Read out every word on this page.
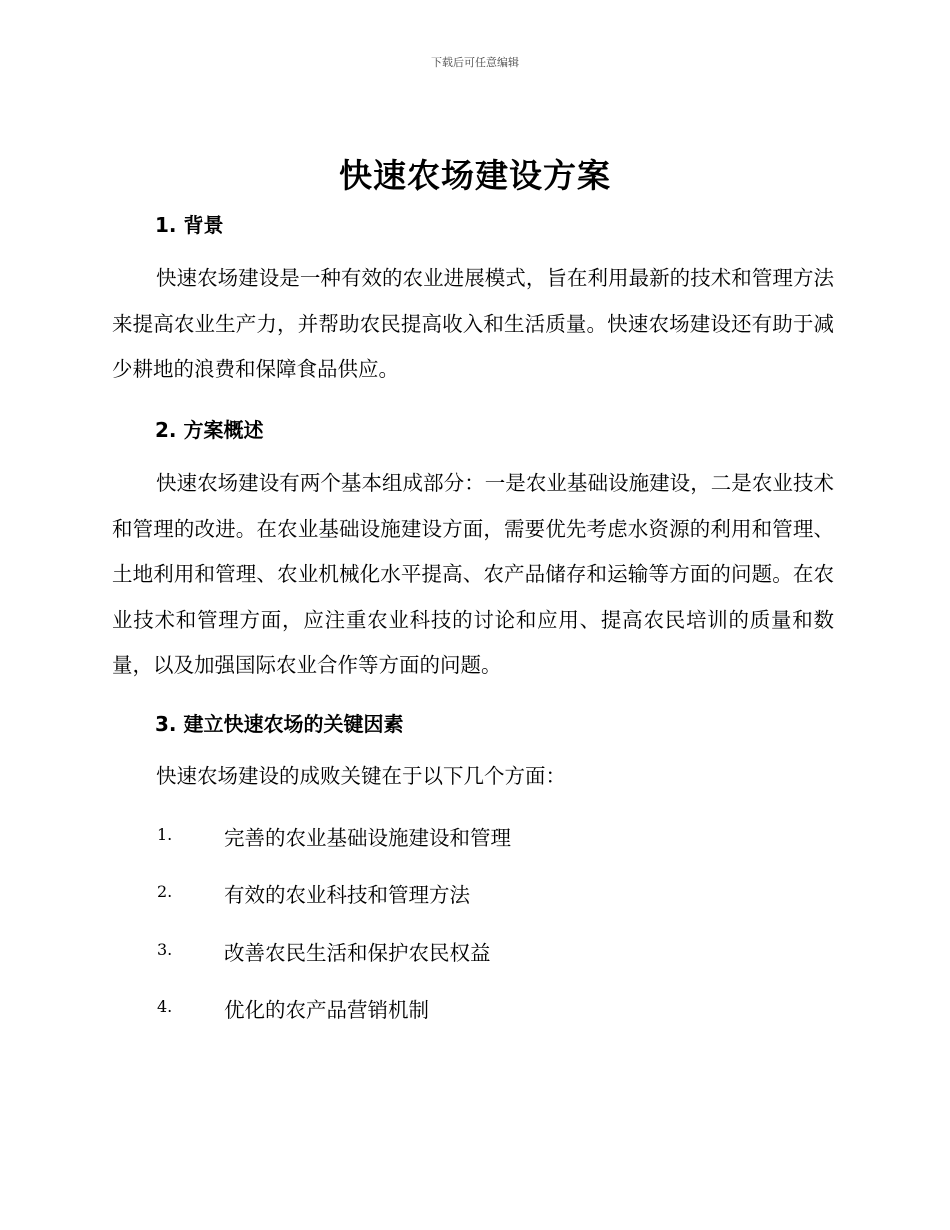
下载后可任意编辑
快速农场建设方案
1. 背景

快速农场建设是一种有效的农业进展模式，旨在利用最新的技术和管理方法来提高农业生产力，并帮助农民提高收入和生活质量。快速农场建设还有助于减少耕地的浪费和保障食品供应。

2. 方案概述

快速农场建设有两个基本组成部分：一是农业基础设施建设，二是农业技术和管理的改进。在农业基础设施建设方面，需要优先考虑水资源的利用和管理、土地利用和管理、农业机械化水平提高、农产品储存和运输等方面的问题。在农业技术和管理方面，应注重农业科技的讨论和应用、提高农民培训的质量和数量，以及加强国际农业合作等方面的问题。

3. 建立快速农场的关键因素

快速农场建设的成败关键在于以下几个方面：

1.	完善的农业基础设施建设和管理
2.	有效的农业科技和管理方法
3.	改善农民生活和保护农民权益
4.	优化的农产品营销机制
